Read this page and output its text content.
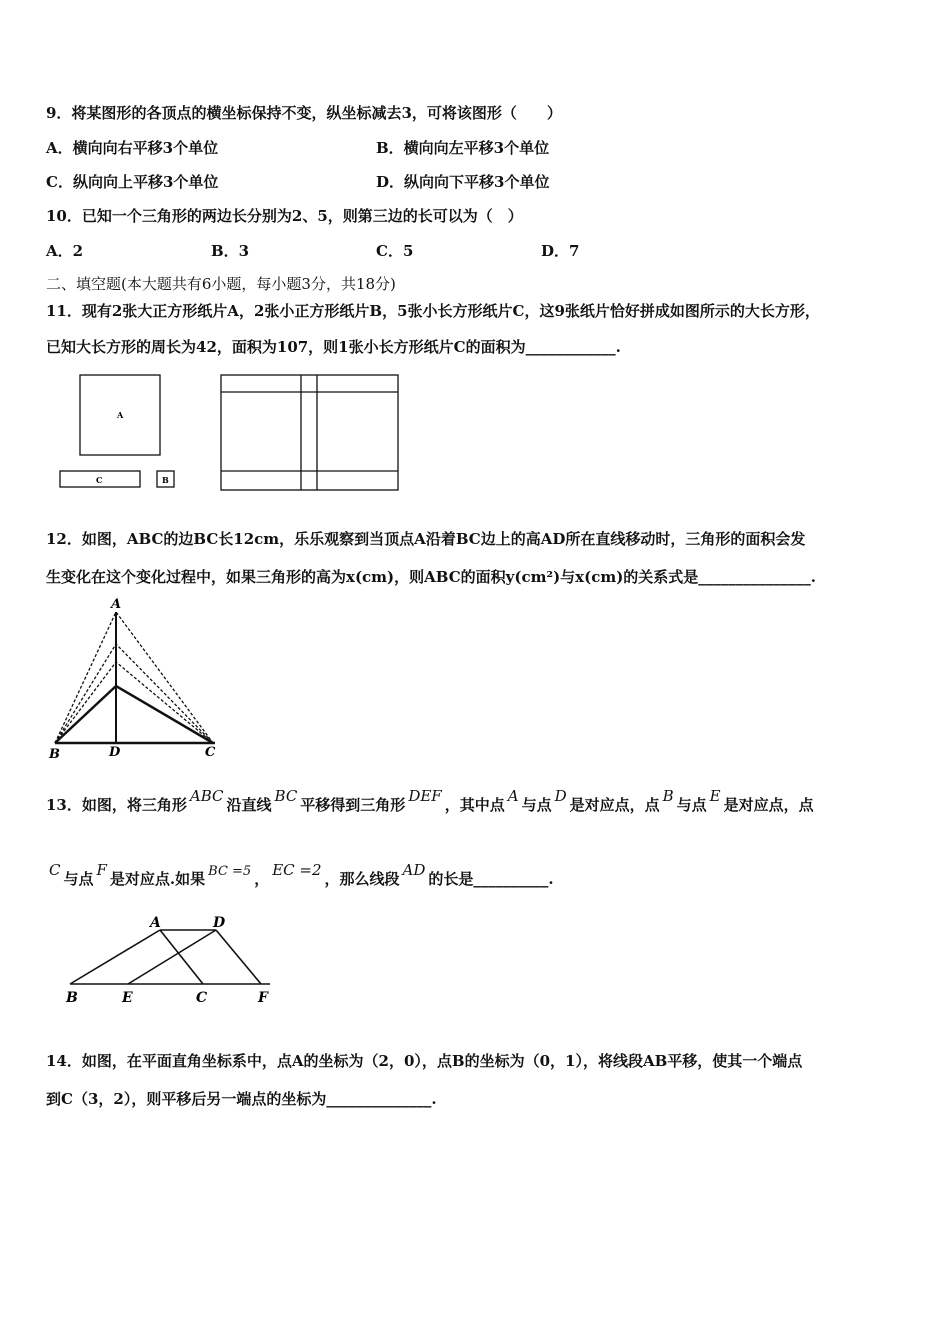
9．将某图形的各顶点的横坐标保持不变，纵坐标减去3，可将该图形（　　）
A．横向向右平移3个单位	B．横向向左平移3个单位
C．纵向向上平移3个单位	D．纵向向下平移3个单位
10．已知一个三角形的两边长分别为2、5，则第三边的长可以为（　）
A．2	B．3	C．5	D．7
二、填空题(本大题共有6小题，每小题3分，共18分)
11．现有2张大正方形纸片A，2张小正方形纸片B，5张小长方形纸片C，这9张纸片恰好拼成如图所示的大长方形，
已知大长方形的周长为42，面积为107，则1张小长方形纸片C的面积为____________.
A
C	B
12．如图，ABC的边BC长12cm，乐乐观察到当顶点A沿着BC边上的高AD所在直线移动时，三角形的面积会发
生变化在这个变化过程中，如果三角形的高为x(cm)，则ABC的面积y(cm²)与x(cm)的关系式是_______________.
A
B	D	C
13．如图，将三角形 ABC 沿直线 BC 平移得到三角形 DEF ，其中点 A 与点 D 是对应点，点 B 与点 E 是对应点，点
C 与点 F 是对应点.如果 BC =5 ， EC =2 ，那么线段 AD 的长是__________.
A	D
B	E	C	F
14．如图，在平面直角坐标系中，点A的坐标为（2，0），点B的坐标为（0，1），将线段AB平移，使其一个端点
到C（3，2），则平移后另一端点的坐标为______________.
